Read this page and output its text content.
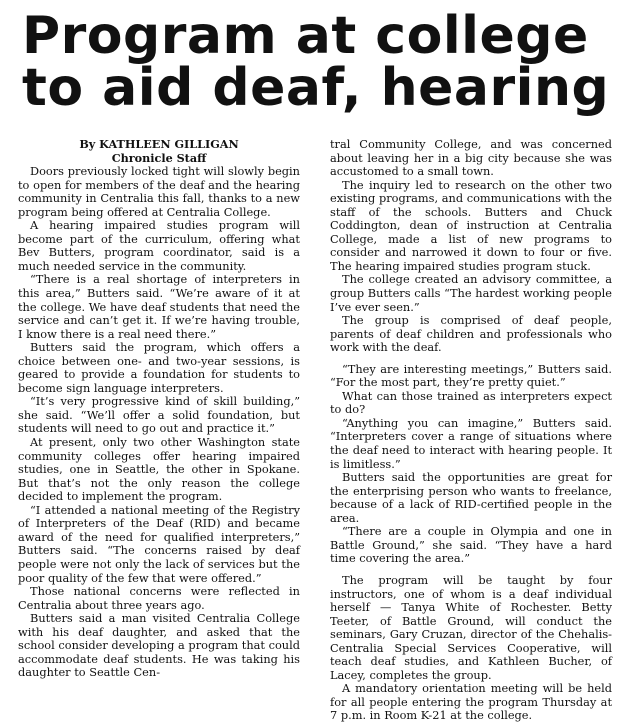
Program at college
to aid deaf, hearing
By KATHLEEN GILLIGAN
Chronicle Staff

Doors previously locked tight will slowly begin to open for members of the deaf and the hearing community in Centralia this fall, thanks to a new program being offered at Centralia College.

A hearing impaired studies program will become part of the curriculum, offering what Bev Butters, program coordinator, said is a much needed service in the community.

“There is a real shortage of interpreters in this area,” Butters said. “We’re aware of it at the college. We have deaf students that need the service and can’t get it. If we’re having trouble, I know there is a real need there.”

Butters said the program, which offers a choice between one- and two-year sessions, is geared to provide a foundation for students to become sign language interpreters.

“It’s very progressive kind of skill building,” she said. “We’ll offer a solid foundation, but students will need to go out and practice it.”

At present, only two other Washington state community colleges offer hearing impaired studies, one in Seattle, the other in Spokane. But that’s not the only reason the college decided to implement the program.

“I attended a national meeting of the Registry of Interpreters of the Deaf (RID) and became award of the need for qualified interpreters,” Butters said. “The concerns raised by deaf people were not only the lack of services but the poor quality of the few that were offered.”

Those national concerns were reflected in Centralia about three years ago.

Butters said a man visited Centralia College with his deaf daughter, and asked that the school consider developing a program that could accommodate deaf students. He was taking his daughter to Seattle Cen-

tral Community College, and was concerned about leaving her in a big city because she was accustomed to a small town.

The inquiry led to research on the other two existing programs, and communications with the staff of the schools. Butters and Chuck Coddington, dean of instruction at Centralia College, made a list of new programs to consider and narrowed it down to four or five. The hearing impaired studies program stuck.

The college created an advisory committee, a group Butters calls “The hardest working people I’ve ever seen.”

The group is comprised of deaf people, parents of deaf children and professionals who work with the deaf.

“They are interesting meetings,” Butters said. “For the most part, they’re pretty quiet.”

What can those trained as interpreters expect to do?

“Anything you can imagine,” Butters said. “Interpreters cover a range of situations where the deaf need to interact with hearing people. It is limitless.”

Butters said the opportunities are great for the enterprising person who wants to freelance, because of a lack of RID-certified people in the area.

“There are a couple in Olympia and one in Battle Ground,” she said. “They have a hard time covering the area.”

The program will be taught by four instructors, one of whom is a deaf individual herself — Tanya White of Rochester. Betty Teeter, of Battle Ground, will conduct the seminars, Gary Cruzan, director of the Chehalis-Centralia Special Services Cooperative, will teach deaf studies, and Kathleen Bucher, of Lacey, completes the group.

A mandatory orientation meeting will be held for all people entering the program Thursday at 7 p.m. in Room K-21 at the college.
